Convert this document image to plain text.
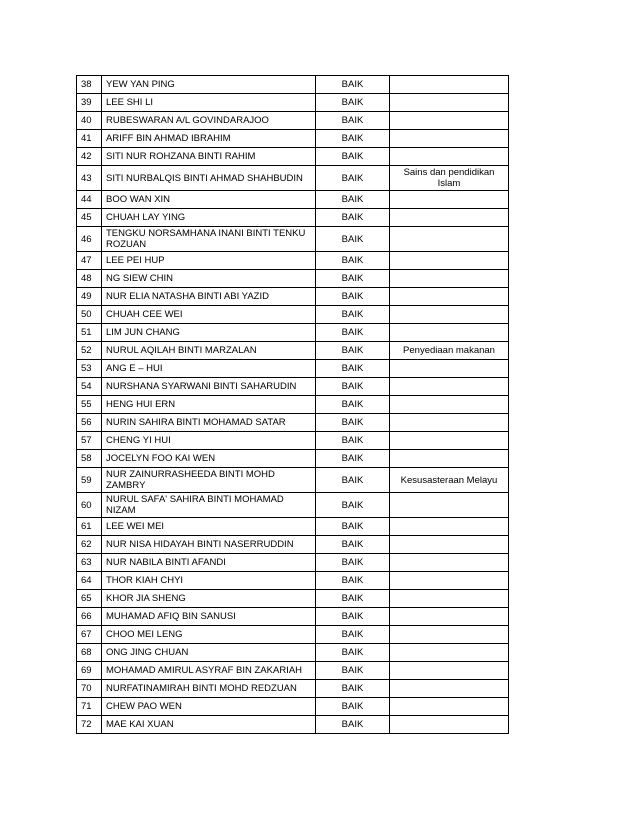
38	YEW YAN PING	BAIK	
39	LEE SHI LI	BAIK	
40	RUBESWARAN A/L GOVINDARAJOO	BAIK	
41	ARIFF BIN AHMAD IBRAHIM	BAIK	
42	SITI NUR ROHZANA BINTI RAHIM	BAIK	
43	SITI NURBALQIS BINTI AHMAD SHAHBUDIN	BAIK	Sains dan pendidikan Islam
44	BOO WAN XIN	BAIK	
45	CHUAH LAY YING	BAIK	
46	TENGKU NORSAMHANA INANI BINTI TENKU ROZUAN	BAIK	
47	LEE PEI HUP	BAIK	
48	NG SIEW CHIN	BAIK	
49	NUR ELIA NATASHA BINTI ABI YAZID	BAIK	
50	CHUAH CEE WEI	BAIK	
51	LIM JUN CHANG	BAIK	
52	NURUL AQILAH BINTI MARZALAN	BAIK	Penyediaan makanan
53	ANG E – HUI	BAIK	
54	NURSHANA SYARWANI BINTI SAHARUDIN	BAIK	
55	HENG HUI ERN	BAIK	
56	NURIN SAHIRA BINTI MOHAMAD SATAR	BAIK	
57	CHENG YI HUI	BAIK	
58	JOCELYN FOO KAI WEN	BAIK	
59	NUR ZAINURRASHEEDA BINTI MOHD ZAMBRY	BAIK	Kesusasteraan Melayu
60	NURUL SAFA' SAHIRA BINTI MOHAMAD NIZAM	BAIK	
61	LEE WEI MEI	BAIK	
62	NUR NISA HIDAYAH BINTI NASERRUDDIN	BAIK	
63	NUR NABILA BINTI AFANDI	BAIK	
64	THOR KIAH CHYI	BAIK	
65	KHOR JIA SHENG	BAIK	
66	MUHAMAD AFIQ BIN SANUSI	BAIK	
67	CHOO MEI LENG	BAIK	
68	ONG JING CHUAN	BAIK	
69	MOHAMAD AMIRUL ASYRAF BIN ZAKARIAH	BAIK	
70	NURFATINAMIRAH BINTI MOHD REDZUAN	BAIK	
71	CHEW PAO WEN	BAIK	
72	MAE KAI XUAN	BAIK	
